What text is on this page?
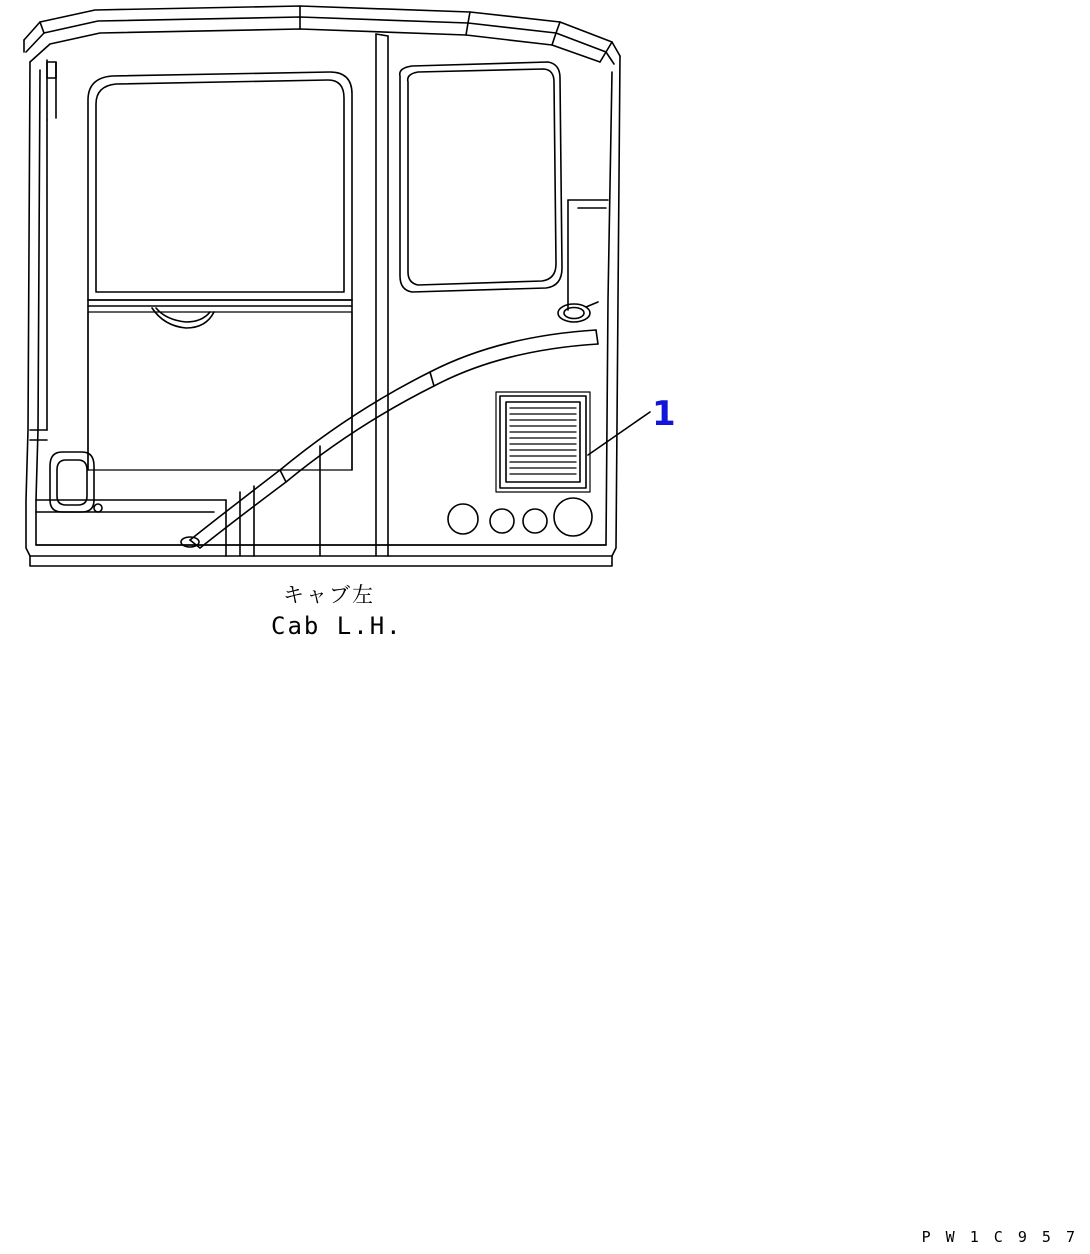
キャブ左
Cab L.H.
1
P W 1 C 9 5 7
